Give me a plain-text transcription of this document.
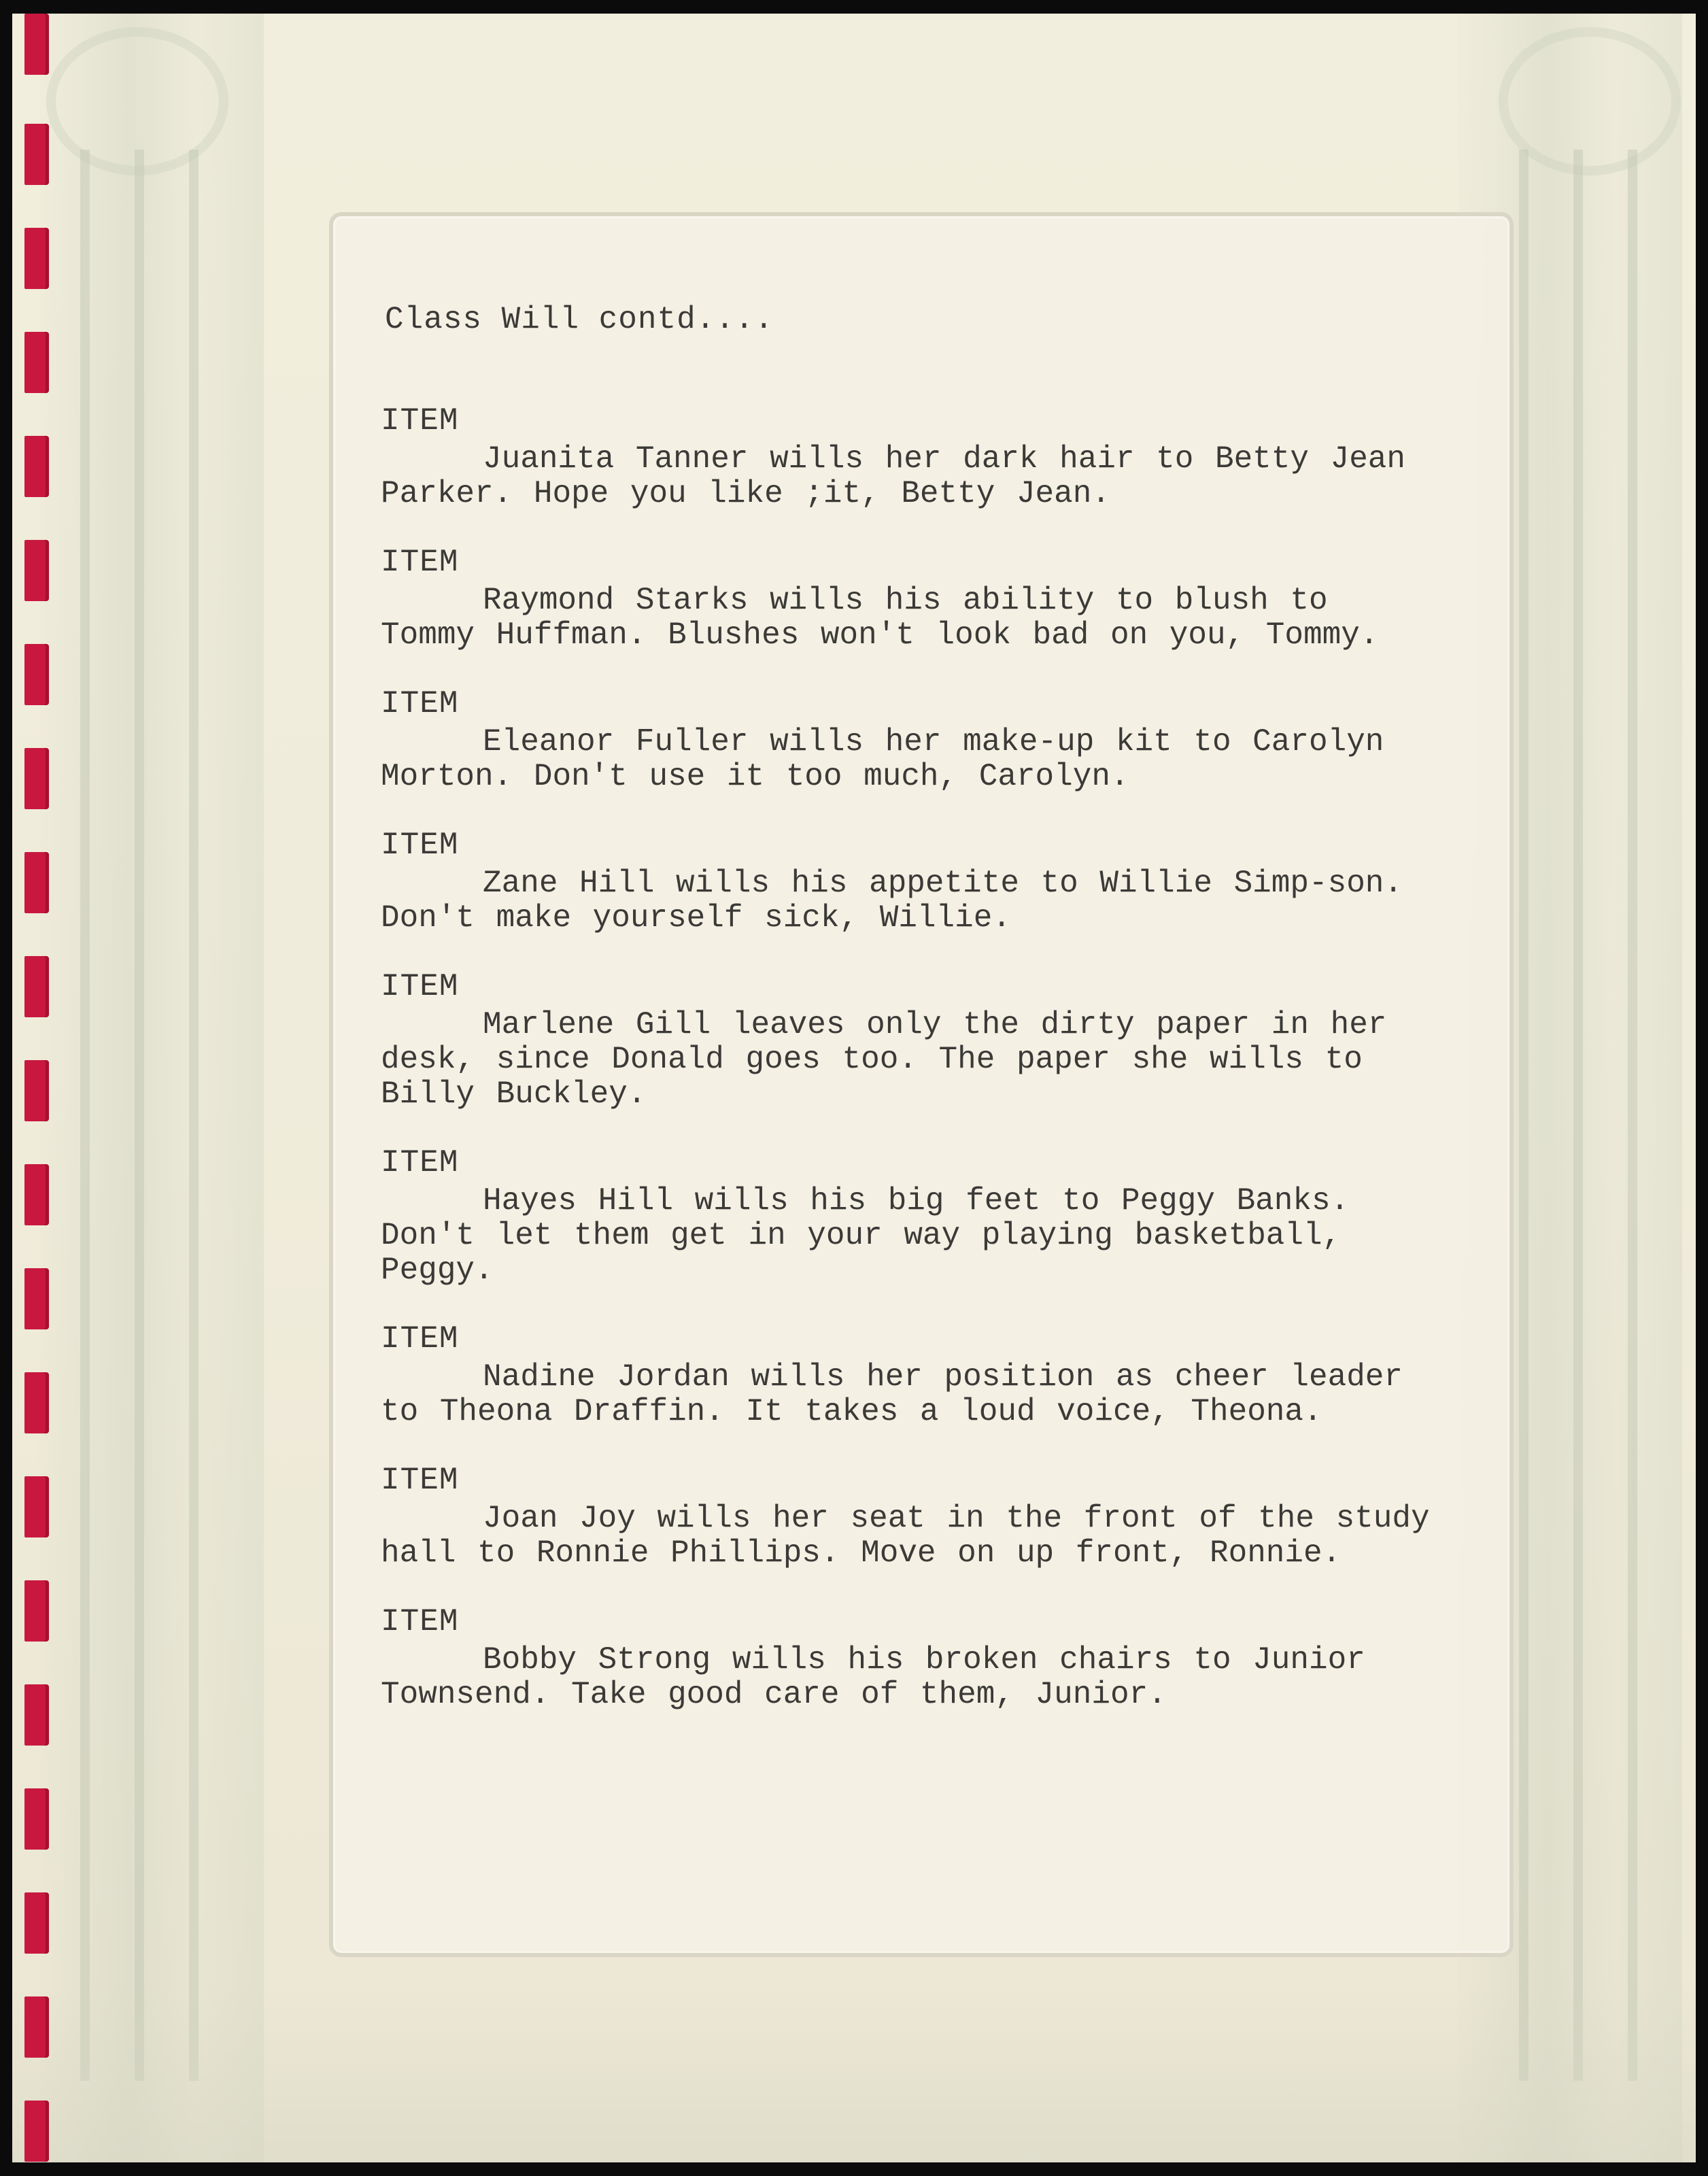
Class Will contd....
ITEM

Juanita Tanner wills her dark hair to Betty Jean Parker. Hope you like ;it, Betty Jean.

ITEM

Raymond Starks wills his ability to blush to Tommy Huffman. Blushes won't look bad on you, Tommy.

ITEM

Eleanor Fuller wills her make-up kit to Carolyn Morton. Don't use it too much, Carolyn.

ITEM

Zane Hill wills his appetite to Willie Simp-son. Don't make yourself sick, Willie.

ITEM

Marlene Gill leaves only the dirty paper in her desk, since Donald goes too. The paper she wills to Billy Buckley.

ITEM

Hayes Hill wills his big feet to Peggy Banks. Don't let them get in your way playing basketball, Peggy.

ITEM

Nadine Jordan wills her position as cheer leader to Theona Draffin. It takes a loud voice, Theona.

ITEM

Joan Joy wills her seat in the front of the study hall to Ronnie Phillips. Move on up front, Ronnie.

ITEM

Bobby Strong wills his broken chairs to Junior Townsend. Take good care of them, Junior.
